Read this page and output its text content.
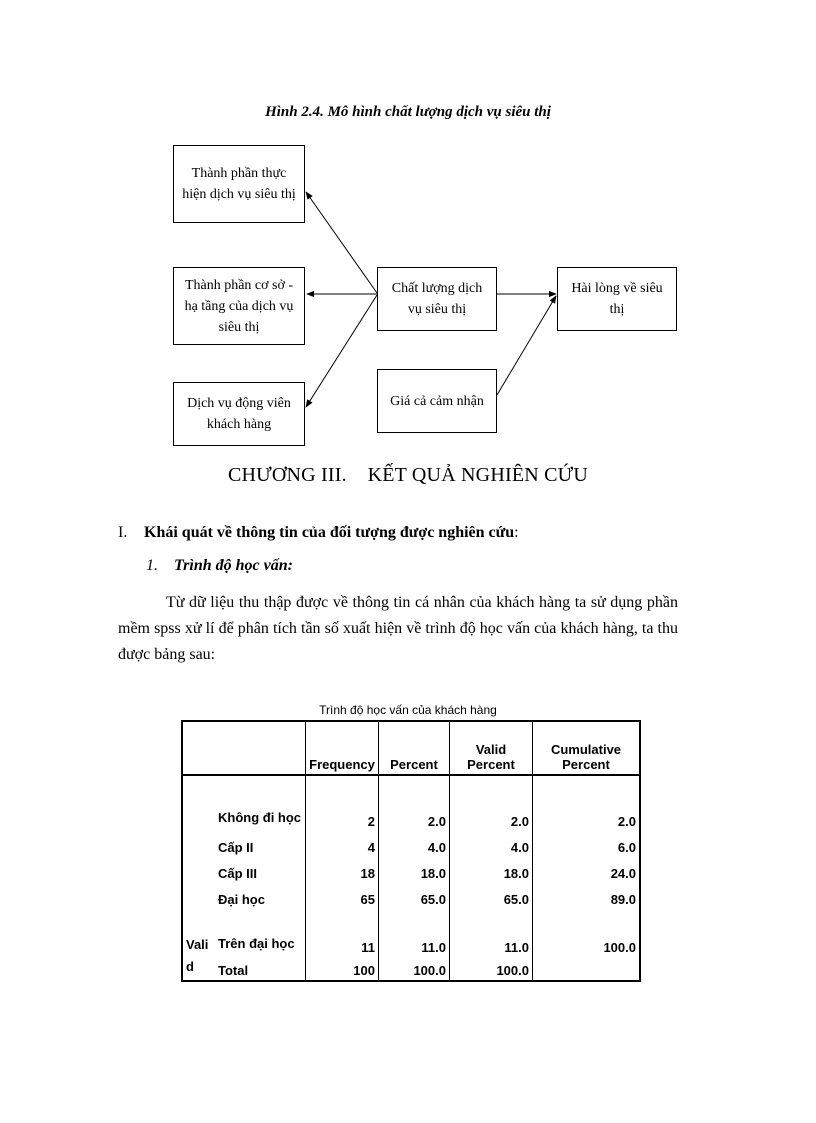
Hình 2.4. Mô hình chất lượng dịch vụ siêu thị
Thành phần thực hiện dịch vụ siêu thị
Thành phần cơ sở - hạ tầng của dịch vụ siêu thị
Dịch vụ động viên khách hàng
Chất lượng dịch vụ siêu thị
Giá cả cảm nhận
Hài lòng về siêu thị
CHƯƠNG III.    KẾT QUẢ NGHIÊN CỨU
I. Khái quát về thông tin của đối tượng được nghiên cứu:
1. Trình độ học vấn:
Từ dữ liệu thu thập được về thông tin cá nhân của khách hàng ta sử dụng phần mềm spss xử lí để phân tích tần số xuất hiện về trình độ học vấn của khách hàng, ta thu được bảng sau:
Trình độ học vấn của khách hàng
		Frequency	Percent	Valid Percent	Cumulative Percent
Valid	Không đi học	2	2.0	2.0	2.0
	Cấp II	4	4.0	4.0	6.0
	Cấp III	18	18.0	18.0	24.0
	Đại học	65	65.0	65.0	89.0
	Trên đại học	11	11.0	11.0	100.0
	Total	100	100.0	100.0	
